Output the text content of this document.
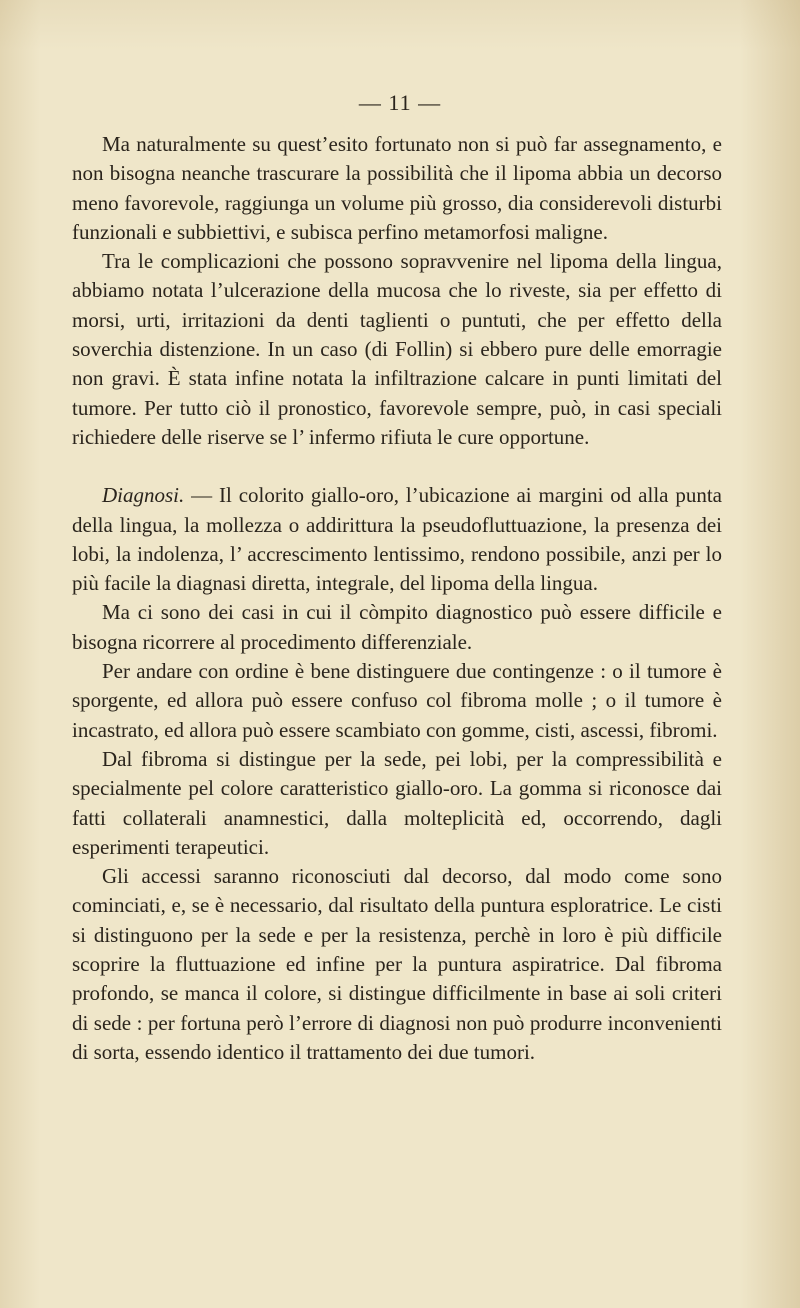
— 11 —

Ma naturalmente su quest’esito fortunato non si può far assegnamento, e non bisogna neanche trascurare la possibilità che il lipoma abbia un decorso meno favorevole, raggiunga un volume più grosso, dia considerevoli disturbi funzionali e subbiettivi, e subisca perfino metamorfosi maligne.

Tra le complicazioni che possono sopravvenire nel lipoma della lingua, abbiamo notata l’ulcerazione della mucosa che lo riveste, sia per effetto di morsi, urti, irritazioni da denti taglienti o puntuti, che per effetto della soverchia distenzione. In un caso (di Follin) si ebbero pure delle emorragie non gravi. È stata infine notata la infiltrazione calcare in punti limitati del tumore. Per tutto ciò il pronostico, favorevole sempre, può, in casi speciali richiedere delle riserve se l’ infermo rifiuta le cure opportune.

Diagnosi. — Il colorito giallo-oro, l’ubicazione ai margini od alla punta della lingua, la mollezza o addirittura la pseudofluttuazione, la presenza dei lobi, la indolenza, l’ accrescimento lentissimo, rendono possibile, anzi per lo più facile la diagnasi diretta, integrale, del lipoma della lingua.

Ma ci sono dei casi in cui il còmpito diagnostico può essere difficile e bisogna ricorrere al procedimento differenziale.

Per andare con ordine è bene distinguere due contingenze : o il tumore è sporgente, ed allora può essere confuso col fibroma molle ; o il tumore è incastrato, ed allora può essere scambiato con gomme, cisti, ascessi, fibromi.

Dal fibroma si distingue per la sede, pei lobi, per la compressibilità e specialmente pel colore caratteristico giallo-oro. La gomma si riconosce dai fatti collaterali anamnestici, dalla molteplicità ed, occorrendo, dagli esperimenti terapeutici.

Gli accessi saranno riconosciuti dal decorso, dal modo come sono cominciati, e, se è necessario, dal risultato della puntura esploratrice. Le cisti si distinguono per la sede e per la resistenza, perchè in loro è più difficile scoprire la fluttuazione ed infine per la puntura aspiratrice. Dal fibroma profondo, se manca il colore, si distingue difficilmente in base ai soli criteri di sede : per fortuna però l’errore di diagnosi non può produrre inconvenienti di sorta, essendo identico il trattamento dei due tumori.
